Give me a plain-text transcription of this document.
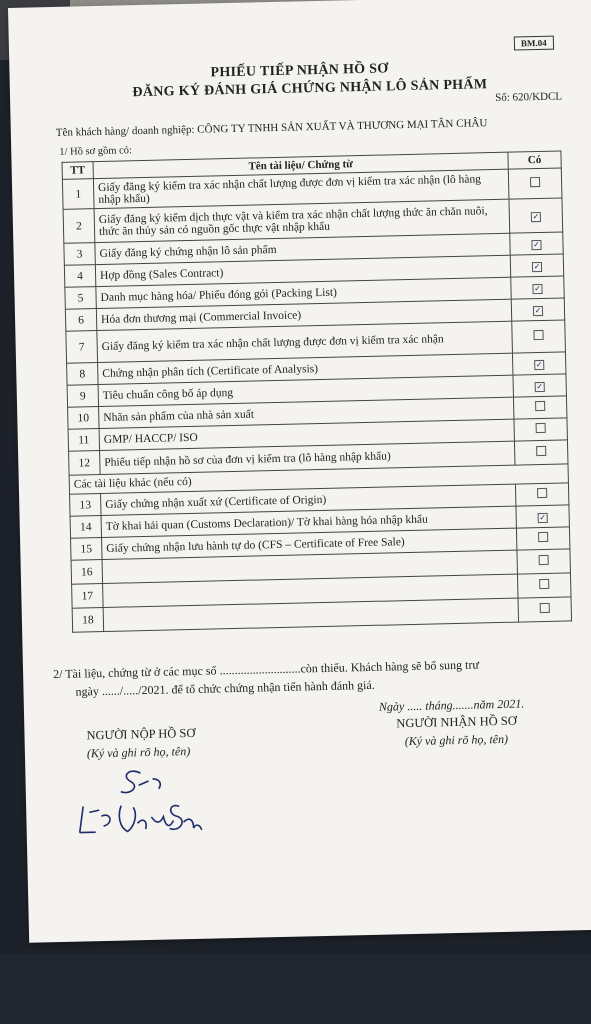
BM.04
PHIẾU TIẾP NHẬN HỒ SƠ
ĐĂNG KÝ ĐÁNH GIÁ CHỨNG NHẬN LÔ SẢN PHẨM Số: 620/KDCL
Tên khách hàng/ doanh nghiệp: CÔNG TY TNHH SẢN XUẤT VÀ THƯƠNG MẠI TÂN CHÂU
1/ Hồ sơ gồm có:
TT	Tên tài liệu/ Chứng từ	Có
1	Giấy đăng ký kiểm tra xác nhận chất lượng được đơn vị kiểm tra xác nhận (lô hàng nhập khẩu)	
2	Giấy đăng ký kiểm dịch thực vật và kiểm tra xác nhận chất lượng thức ăn chăn nuôi, thức ăn thủy sản có nguồn gốc thực vật nhập khẩu	✓
3	Giấy đăng ký chứng nhận lô sản phẩm	✓
4	Hợp đồng (Sales Contract)	✓
5	Danh mục hàng hóa/ Phiếu đóng gói (Packing List)	✓
6	Hóa đơn thương mại (Commercial Invoice)	✓
7	Giấy đăng ký kiểm tra xác nhận chất lượng được đơn vị kiểm tra xác nhận	
8	Chứng nhận phân tích (Certificate of Analysis)	✓
9	Tiêu chuẩn công bố áp dụng	✓
10	Nhãn sản phẩm của nhà sản xuất	
11	GMP/ HACCP/ ISO	
12	Phiếu tiếp nhận hồ sơ của đơn vị kiểm tra (lô hàng nhập khẩu)	
Các tài liệu khác (nếu có)		
13	Giấy chứng nhận xuất xứ (Certificate of Origin)	
14	Tờ khai hải quan (Customs Declaration)/ Tờ khai hàng hóa nhập khẩu	✓
15	Giấy chứng nhận lưu hành tự do (CFS – Certificate of Free Sale)	
16		
17		
18		
2/ Tài liệu, chứng từ ở các mục số ...........................còn thiếu. Khách hàng sẽ bổ sung trư
ngày ....../...../2021. để tổ chức chứng nhận tiến hành đánh giá.
Ngày ..... tháng.......năm 2021.
NGƯỜI NỘP HỒ SƠ
(Ký và ghi rõ họ, tên)
NGƯỜI NHẬN HỒ SƠ
(Ký và ghi rõ họ, tên)
